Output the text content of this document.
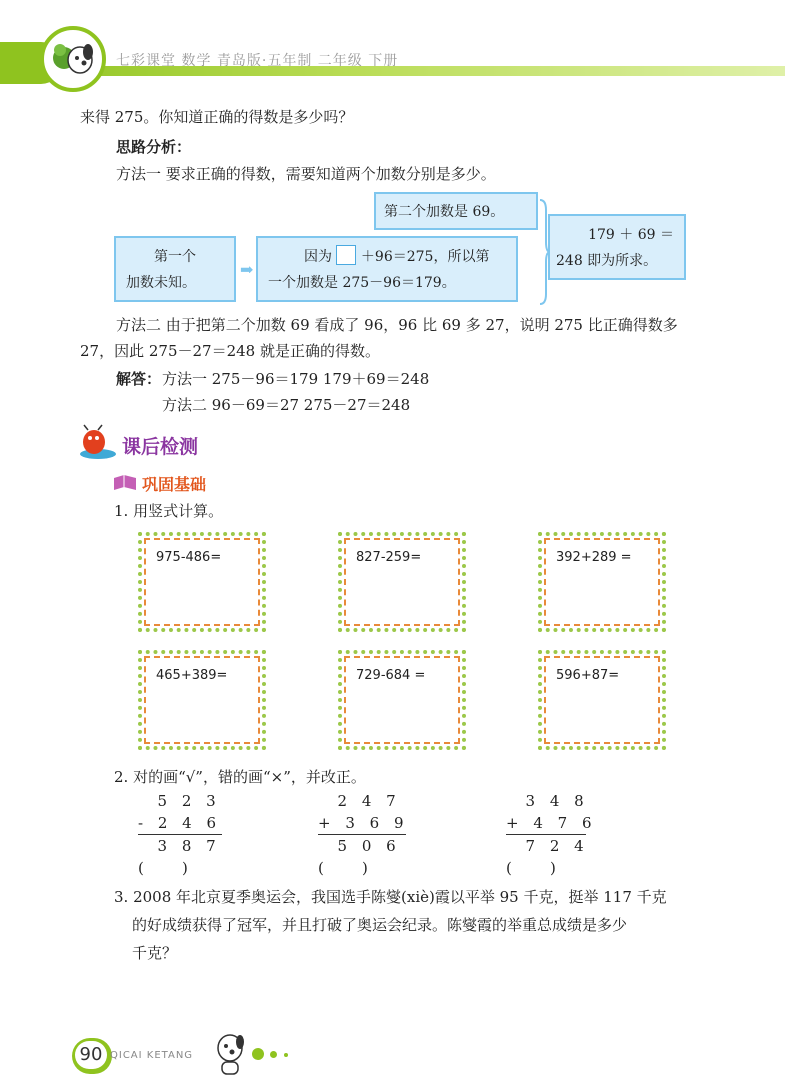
七彩课堂 数学 青岛版·五年制 二年级 下册
来得 275。你知道正确的得数是多少吗？
思路分析：
方法一 要求正确的得数，需要知道两个加数分别是多少。
第二个加数是 69。
第一个
加数未知。
➡
因为 ＋96＝275，所以第
一个加数是 275－96＝179。
179 ＋ 69 ＝
248 即为所求。
方法二 由于把第二个加数 69 看成了 96，96 比 69 多 27，说明 275 比正确得数多
27，因此 275－27＝248 就是正确的得数。
解答： 方法一 275－96＝179 179＋69＝248
方法二 96－69＝27 275－27＝248
课后检测
巩固基础
1. 用竖式计算。
975-486=	827-259=	392+289 =
465+389=	729-684 =	596+87=
2. 对的画“√”，错的画“×”，并改正。
5 2 3
- 2 4 6
3 8 7
(        )
2 4 7
+ 3 6 9
5 0 6
(        )
3 4 8
+ 4 7 6
7 2 4
(        )
3. 2008 年北京夏季奥运会，我国选手陈燮(xiè)霞以平举 95 千克，挺举 117 千克
的好成绩获得了冠军，并且打破了奥运会纪录。陈燮霞的举重总成绩是多少
千克？
90 QICAI KETANG
